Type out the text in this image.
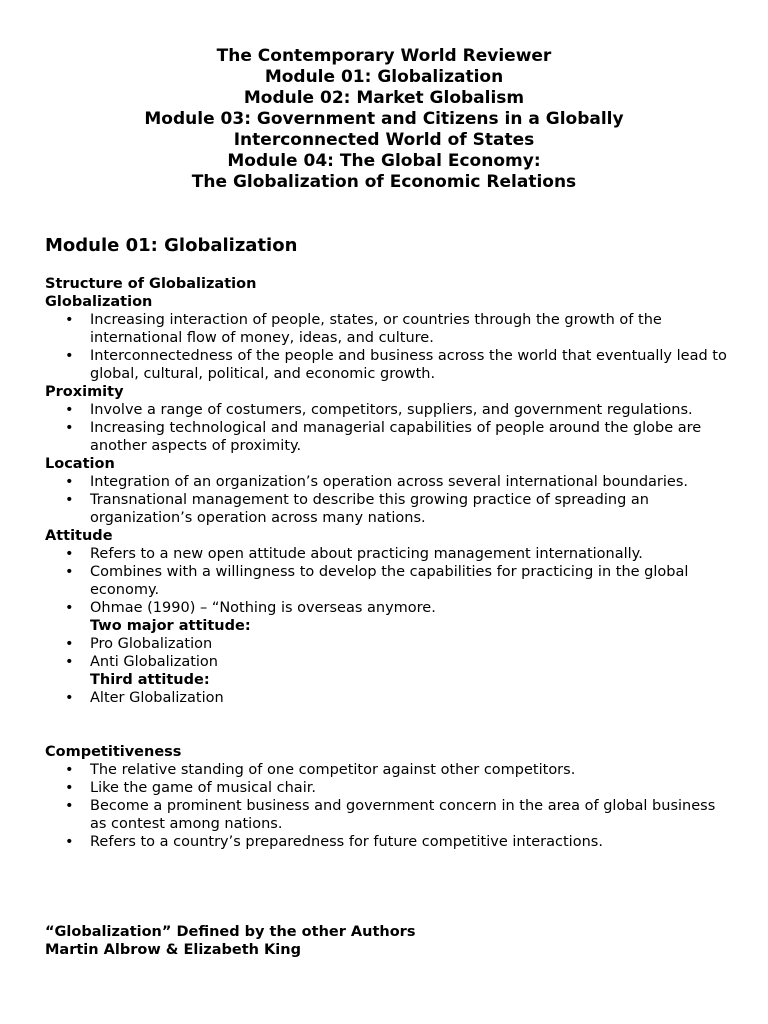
The Contemporary World Reviewer
Module 01: Globalization
Module 02: Market Globalism
Module 03: Government and Citizens in a Globally
Interconnected World of States
Module 04: The Global Economy:
The Globalization of Economic Relations
Module 01: Globalization
Structure of Globalization
Globalization
• Increasing interaction of people, states, or countries through the growth of the international flow of money, ideas, and culture.
• Interconnectedness of the people and business across the world that eventually lead to global, cultural, political, and economic growth.
Proximity
• Involve a range of costumers, competitors, suppliers, and government regulations.
• Increasing technological and managerial capabilities of people around the globe are another aspects of proximity.
Location
• Integration of an organization’s operation across several international boundaries.
• Transnational management to describe this growing practice of spreading an organization’s operation across many nations.
Attitude
• Refers to a new open attitude about practicing management internationally.
• Combines with a willingness to develop the capabilities for practicing in the global economy.
• Ohmae (1990) – “Nothing is overseas anymore.
Two major attitude:
• Pro Globalization
• Anti Globalization
Third attitude:
• Alter Globalization
Competitiveness
• The relative standing of one competitor against other competitors.
• Like the game of musical chair.
• Become a prominent business and government concern in the area of global business as contest among nations.
• Refers to a country’s preparedness for future competitive interactions.
“Globalization” Defined by the other Authors
Martin Albrow & Elizabeth King
